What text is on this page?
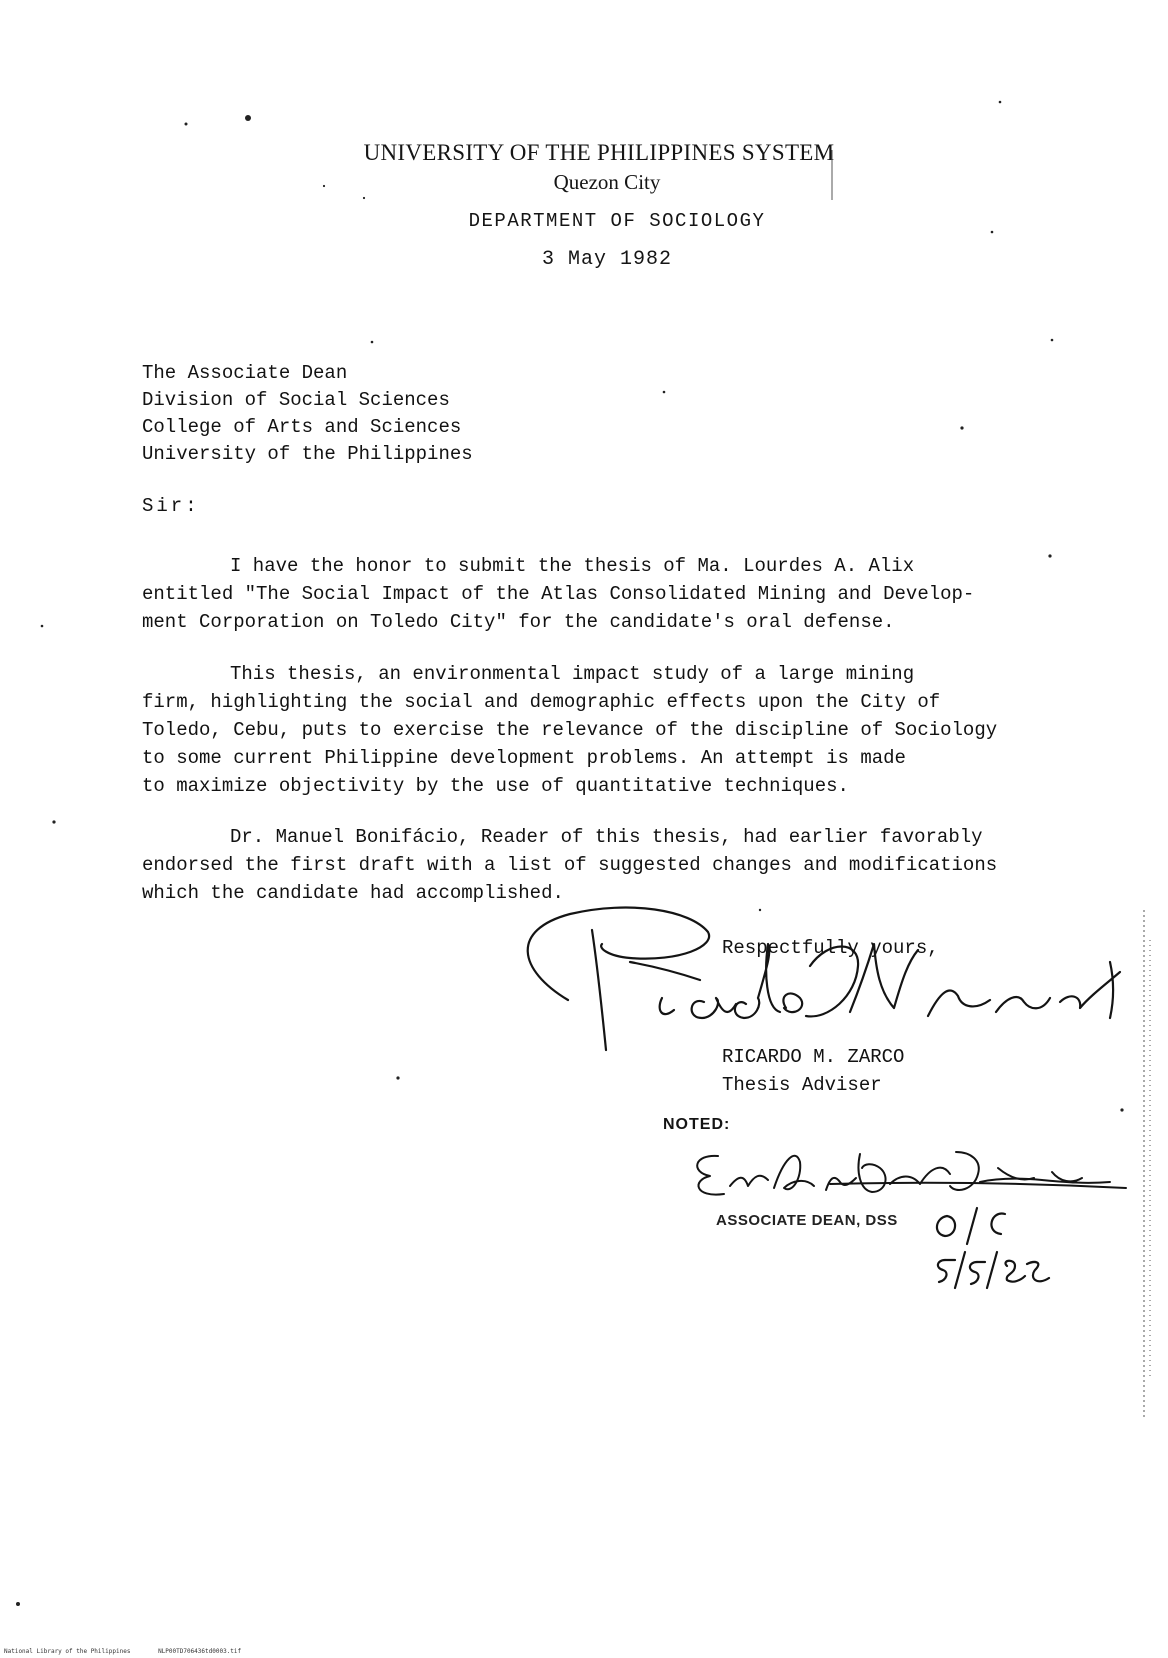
UNIVERSITY OF THE PHILIPPINES SYSTEM
Quezon City
DEPARTMENT OF SOCIOLOGY
3 May 1982
The Associate Dean
Division of Social Sciences
College of Arts and Sciences
University of the Philippines
Sir:
I have the honor to submit the thesis of Ma. Lourdes A. Alix
entitled "The Social Impact of the Atlas Consolidated Mining and Develop-
ment Corporation on Toledo City" for the candidate's oral defense.
This thesis, an environmental impact study of a large mining
firm, highlighting the social and demographic effects upon the City of
Toledo, Cebu, puts to exercise the relevance of the discipline of Sociology
to some current Philippine development problems. An attempt is made
to maximize objectivity by the use of quantitative techniques.
Dr. Manuel Bonifácio, Reader of this thesis, had earlier favorably
endorsed the first draft with a list of suggested changes and modifications
which the candidate had accomplished.
Respectfully yours,
RICARDO M. ZARCO
Thesis Adviser
NOTED:
ASSOCIATE DEAN, DSS
National Library of the Philippines	NLP00TD706436td0003.tif
